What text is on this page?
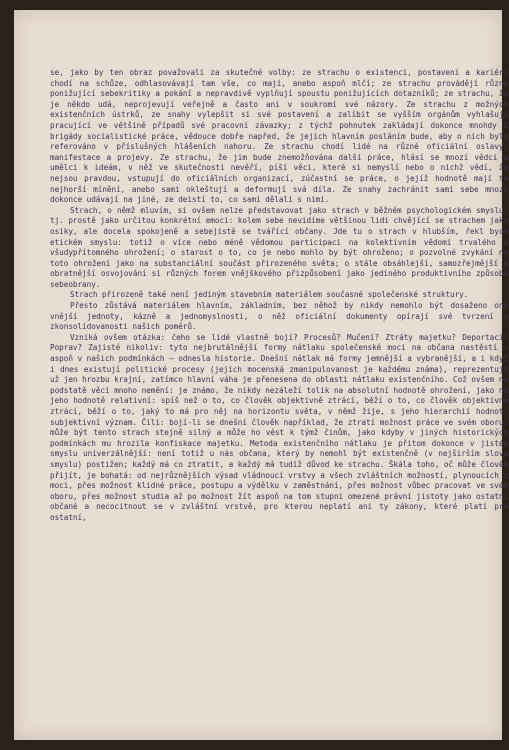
se, jako by ten obraz považovali za skutečné volby: ze strachu o existenci, postavení a kariéru chodí na schůze, odhlasovávají tam vše, co mají, anebo aspoň mlčí; ze strachu provádějí různé ponižující sebekritiky a pokání a nepravdivě vyplňují spoustu ponižujících dotazníků; ze strachu, že je někdo udá, neprojevují veřejně a často ani v soukromí své názory. Ze strachu z možných existenčních ústrků, ze snahy vylepšit si své postavení a zalíbit se vyšším orgánům vyhlašují pracující ve většině případů své pracovní závazky; z týchž pohnutek zakládají dokonce mnohdy i brigády socialistické práce, vědouce dobře napřed, že jejich hlavním posláním bude, aby o nich bylo referováno v příslušných hlášeních nahoru. Ze strachu chodí lidé na různé oficiální oslavy, manifestace a projevy. Ze strachu, že jim bude znemožňována další práce, hlásí se mnozí vědci a umělci k ideám, v něž ve skutečnosti nevěří, píší věci, které si nemyslí nebo o nichž vědí, že nejsou pravdou, vstupují do oficiálních organizací, zúčastní se práce, o jejíž hodnotě mají to nejhorší mínění, anebo sami okleštují a deformují svá díla. Ze snahy zachránit sami sebe mnozí dokonce udávají na jiné, ze deistí to, co sami dělali s nimi.

Strach, o němž mluvím, si ovšem nelze představovat jako strach v běžném psychologickém smyslu, tj. prostě jako určitou konkrétní emoci: kolem sebe nevidíme většinou lidi chvějící se strachem jako osiky, ale docela spokojeně a sebejistě se tvářící občany. Jde tu o strach v hlubším, řekl bych etickém smyslu: totiž o více nebo méně vědomou participaci na kolektivním vědomí trvalého a všudypřítomného ohrožení; o starost o to, co je nebo mohlo by být ohroženo; o pozvolné zvykání na toto ohrožení jako na substanciální součást přirozeného světa; o stále obsáhlejší, samozřejmější a obratnější osvojování si různých forem vnějškového přizpůsobení jako jediného produktivního způsobu sebeobrany.

Strach přirozeně také není jediným stavebním materiálem současné společenské struktury.

Přesto zůstává materiálem hlavním, základním, bez něhož by nikdy nemohlo být dosaženo oné vnější jednoty, kázně a jednomyslnosti, o něž oficiální dokumenty opírají své tvrzení o zkonsolidovanosti našich poměrů.

Vzniká ovšem otázka: čeho se lidé vlastně bojí? Procesů? Mučení? Ztráty majetku? Deportací? Poprav? Zajisté nikoliv: tyto nejbrutálnější formy nátlaku společenské moci na občana nastěstí – aspoň v našich podmínkách – odnesla historie. Dnešní nátlak má formy jemnější a vybranější, a i když i dnes existují politické procesy (jejich mocenská zmanipulovanost je každému známa), reprezentují už jen hrozbu krajní, zatímco hlavní váha je přenesena do oblasti nátlaku existenčního. Což ovšem na podstatě věci mnoho nemění: je známo, že nikdy nezáleží tolik na absolutní hodnotě ohrožení, jako na jeho hodnotě relativní: spíš než o to, co člověk objektivně ztrácí, běží o to, co člověk objektivně ztrácí, běží o to, jaký to má pro něj na horizontu světa, v němž žije, s jeho hierarchií hodnot-subjektivní význam. Čili: bojí-li se dnešní člověk například, že ztratí možnost práce ve svém oboru, může být tento strach stejně silný a může ho vést k týmž činům, jako kdyby v jiných historických podmínkách mu hrozila konfiskace majetku. Metoda existenčního nátlaku je přitom dokonce v jistém smyslu univerzálnější: není totiž u nás občana, který by nemohl být existenčně (v nejširším slova smyslu) postižen; každý má co ztratit, a každý má tudíž důvod ke strachu. Škála toho, oč může člověk přijít, je bohatá: od nejrůznějších výsad vládnoucí vrstvy a všech zvláštních možností, plynoucích z moci, přes možnost klidné práce, postupu a výdělku v zaměstnání, přes možnost vůbec pracovat ve svém oboru, přes možnost studia až po možnost žít aspoň na tom stupni omezené právní jistoty jako ostatní občané a necocitnout se v zvláštní vrstvě, pro kterou neplatí ani ty zákony, které platí pro ostatní,
